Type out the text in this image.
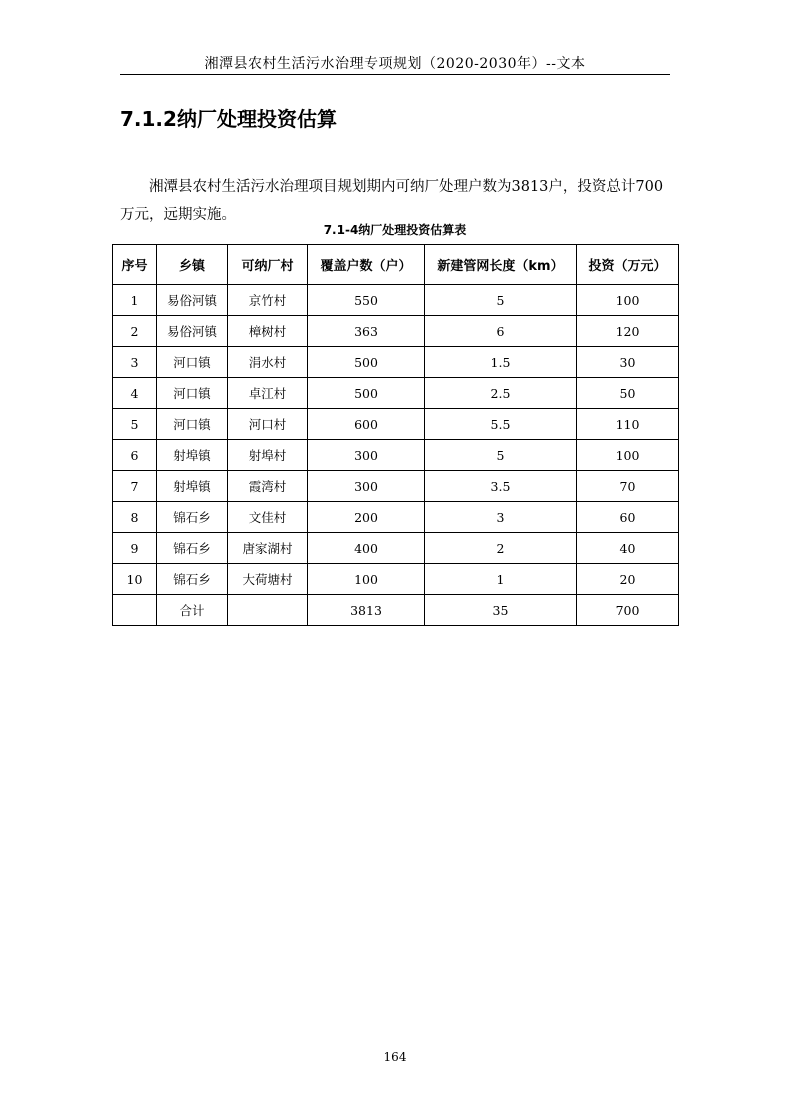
湘潭县农村生活污水治理专项规划（2020-2030年）--文本
7.1.2纳厂处理投资估算

湘潭县农村生活污水治理项目规划期内可纳厂处理户数为3813户，投资总计700万元，远期实施。

7.1-4纳厂处理投资估算表
序号	乡镇	可纳厂村	覆盖户数（户）	新建管网长度（km）	投资（万元）
1	易俗河镇	京竹村	550	5	100
2	易俗河镇	樟树村	363	6	120
3	河口镇	涓水村	500	1.5	30
4	河口镇	卓江村	500	2.5	50
5	河口镇	河口村	600	5.5	110
6	射埠镇	射埠村	300	5	100
7	射埠镇	霞湾村	300	3.5	70
8	锦石乡	文佳村	200	3	60
9	锦石乡	唐家湖村	400	2	40
10	锦石乡	大荷塘村	100	1	20
	合计		3813	35	700
164
